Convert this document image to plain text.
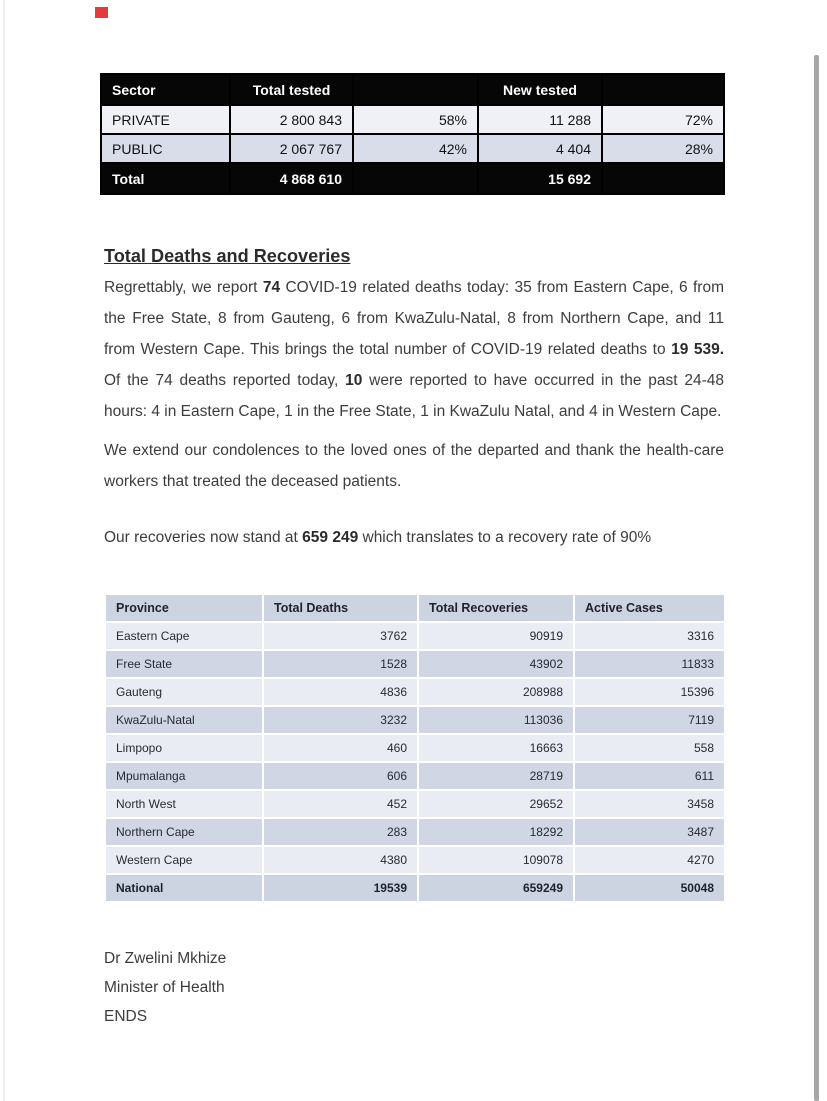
Sector	Total tested		New tested	
PRIVATE	2 800 843	58%	11 288	72%
PUBLIC	2 067 767	42%	4 404	28%
Total	4 868 610		15 692	
Total Deaths and Recoveries

Regrettably, we report 74 COVID-19 related deaths today: 35 from Eastern Cape, 6 from the Free State, 8 from Gauteng, 6 from KwaZulu-Natal, 8 from Northern Cape, and 11 from Western Cape. This brings the total number of COVID-19 related deaths to 19 539. Of the 74 deaths reported today, 10 were reported to have occurred in the past 24-48 hours: 4 in Eastern Cape, 1 in the Free State, 1 in KwaZulu Natal, and 4 in Western Cape.

We extend our condolences to the loved ones of the departed and thank the health-care workers that treated the deceased patients.

Our recoveries now stand at 659 249 which translates to a recovery rate of 90%

Province	Total Deaths	Total Recoveries	Active Cases
Eastern Cape	3762	90919	3316
Free State	1528	43902	11833
Gauteng	4836	208988	15396
KwaZulu-Natal	3232	113036	7119
Limpopo	460	16663	558
Mpumalanga	606	28719	611
North West	452	29652	3458
Northern Cape	283	18292	3487
Western Cape	4380	109078	4270
National	19539	659249	50048
Dr Zwelini Mkhize
Minister of Health
ENDS
